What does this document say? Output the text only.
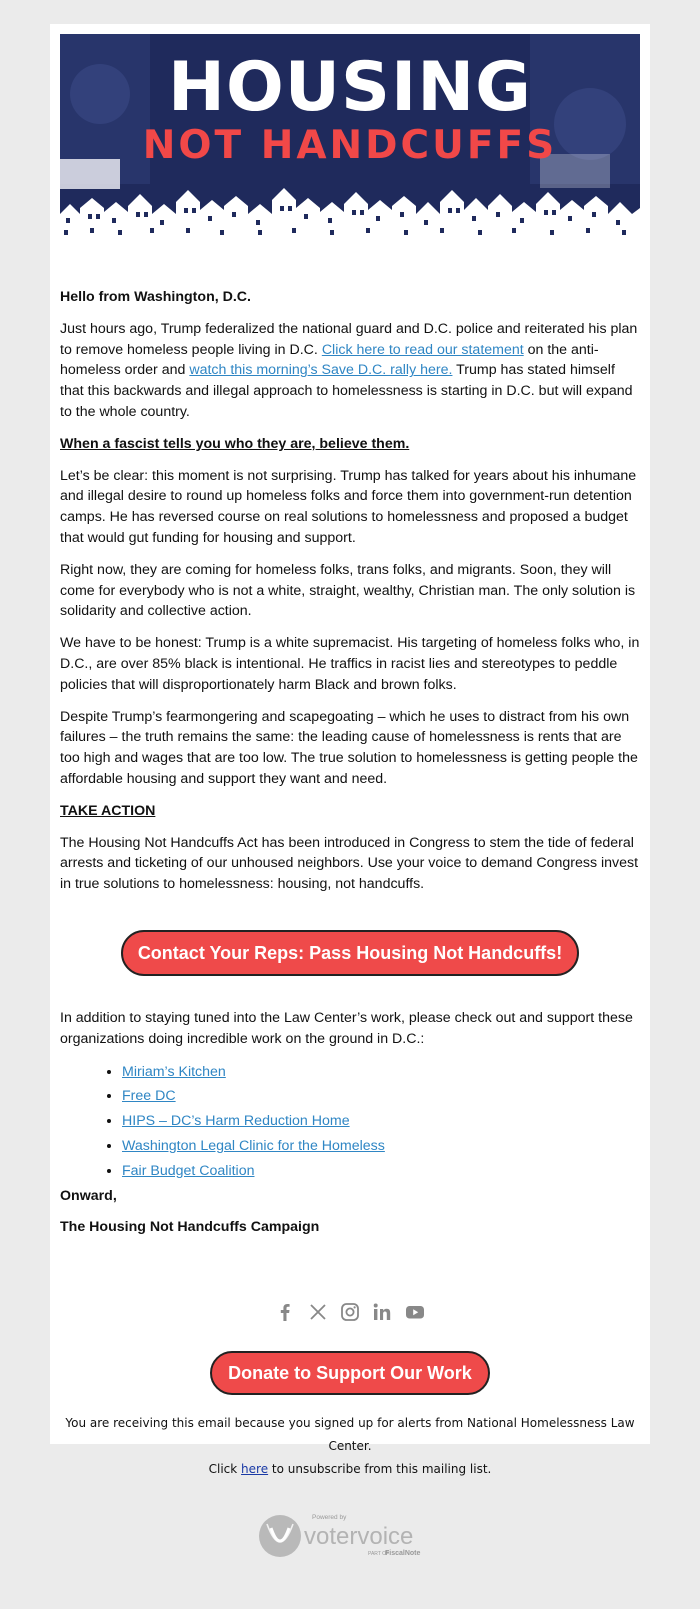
HOUSING
NOT HANDCUFFS

Hello from Washington, D.C.

Just hours ago, Trump federalized the national guard and D.C. police and reiterated his plan to remove homeless people living in D.C. Click here to read our statement on the anti-homeless order and watch this morning’s Save D.C. rally here. Trump has stated himself that this backwards and illegal approach to homelessness is starting in D.C. but will expand to the whole country.

When a fascist tells you who they are, believe them.

Let’s be clear: this moment is not surprising. Trump has talked for years about his inhumane and illegal desire to round up homeless folks and force them into government-run detention camps. He has reversed course on real solutions to homelessness and proposed a budget that would gut funding for housing and support.

Right now, they are coming for homeless folks, trans folks, and migrants. Soon, they will come for everybody who is not a white, straight, wealthy, Christian man. The only solution is solidarity and collective action.

We have to be honest: Trump is a white supremacist. His targeting of homeless folks who, in D.C., are over 85% black is intentional. He traffics in racist lies and stereotypes to peddle policies that will disproportionately harm Black and brown folks.

Despite Trump’s fearmongering and scapegoating – which he uses to distract from his own failures – the truth remains the same: the leading cause of homelessness is rents that are too high and wages that are too low. The true solution to homelessness is getting people the affordable housing and support they want and need.

TAKE ACTION

The Housing Not Handcuffs Act has been introduced in Congress to stem the tide of federal arrests and ticketing of our unhoused neighbors. Use your voice to demand Congress invest in true solutions to homelessness: housing, not handcuffs.

Contact Your Reps: Pass Housing Not Handcuffs!

In addition to staying tuned into the Law Center’s work, please check out and support these organizations doing incredible work on the ground in D.C.:

• Miriam’s Kitchen
• Free DC
• HIPS – DC’s Harm Reduction Home
• Washington Legal Clinic for the Homeless
• Fair Budget Coalition

Onward,

The Housing Not Handcuffs Campaign

Donate to Support Our Work
You are receiving this email because you signed up for alerts from National Homelessness Law Center.
Click here to unsubscribe from this mailing list.
Powered by
votervoice
PART OF
FiscalNote
